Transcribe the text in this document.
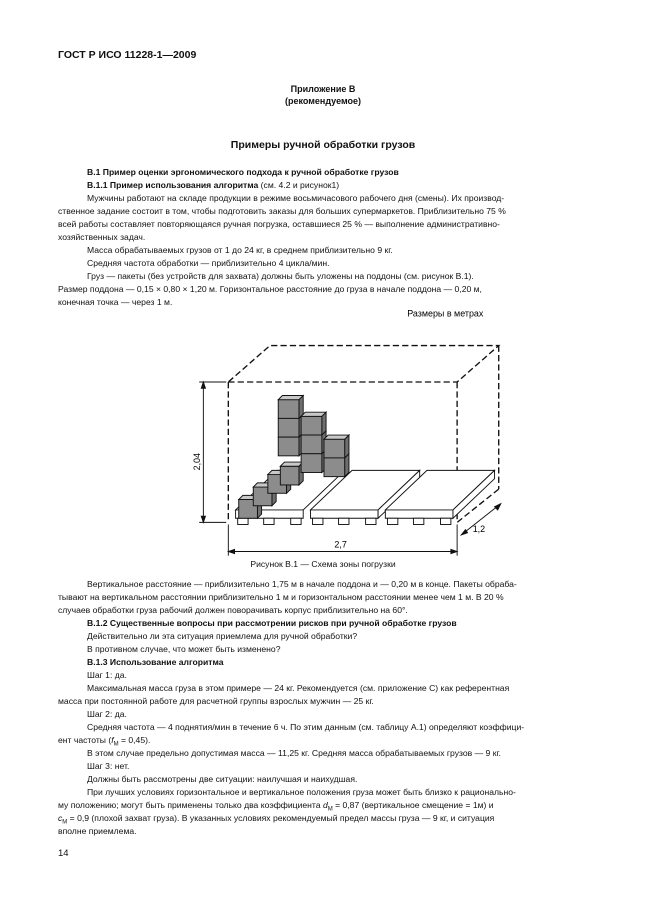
ГОСТ Р ИСО 11228-1—2009
Приложение В
(рекомендуемое)
Примеры ручной обработки грузов
В.1 Пример оценки эргономического подхода к ручной обработке грузов
В.1.1 Пример использования алгоритма (см. 4.2 и рисунок1)
Мужчины работают на складе продукции в режиме восьмичасового рабочего дня (смены). Их производ-
ственное задание состоит в том, чтобы подготовить заказы для больших супермаркетов. Приблизительно 75 %
всей работы составляет повторяющаяся ручная погрузка, оставшиеся 25 % — выполнение административно-
хозяйственных задач.
Масса обрабатываемых грузов от 1 до 24 кг, в среднем приблизительно 9 кг.
Средняя частота обработки — приблизительно 4 цикла/мин.
Груз — пакеты (без устройств для захвата) должны быть уложены на поддоны (см. рисунок В.1).
Размер поддона — 0,15 × 0,80 × 1,20 м. Горизонтальное расстояние до груза в начале поддона — 0,20 м,
конечная точка — через 1 м.
Размеры в метрах
2,04
2,7
1,2
Рисунок В.1 — Схема зоны погрузки
Вертикальное расстояние — приблизительно 1,75 м в начале поддона и — 0,20 м в конце. Пакеты обраба-
тывают на вертикальном расстоянии приблизительно 1 м и горизонтальном расстоянии менее чем 1 м. В 20 %
случаев обработки груза рабочий должен поворачивать корпус приблизительно на 60°.
В.1.2 Существенные вопросы при рассмотрении рисков при ручной обработке грузов
Действительно ли эта ситуация приемлема для ручной обработки?
В противном случае, что может быть изменено?
В.1.3 Использование алгоритма
Шаг 1: да.
Максимальная масса груза в этом примере — 24 кг. Рекомендуется (см. приложение С) как референтная
масса при постоянной работе для расчетной группы взрослых мужчин — 25 кг.
Шаг 2: да.
Средняя частота — 4 поднятия/мин в течение 6 ч. По этим данным (см. таблицу А.1) определяют коэффици-
ент частоты $(f_M = 0,45)$.
В этом случае предельно допустимая масса — 11,25 кг. Средняя масса обрабатываемых грузов — 9 кг.
Шаг 3: нет.
Должны быть рассмотрены две ситуации: наилучшая и наихудшая.
При лучших условиях горизонтальное и вертикальное положения груза может быть близко к рационально-
му положению; могут быть применены только два коэффициента $d_M = 0,87$ (вертикальное смещение = 1м) и
$c_M = 0,9$ (плохой захват груза). В указанных условиях рекомендуемый предел массы груза — 9 кг, и ситуация
вполне приемлема.
14
